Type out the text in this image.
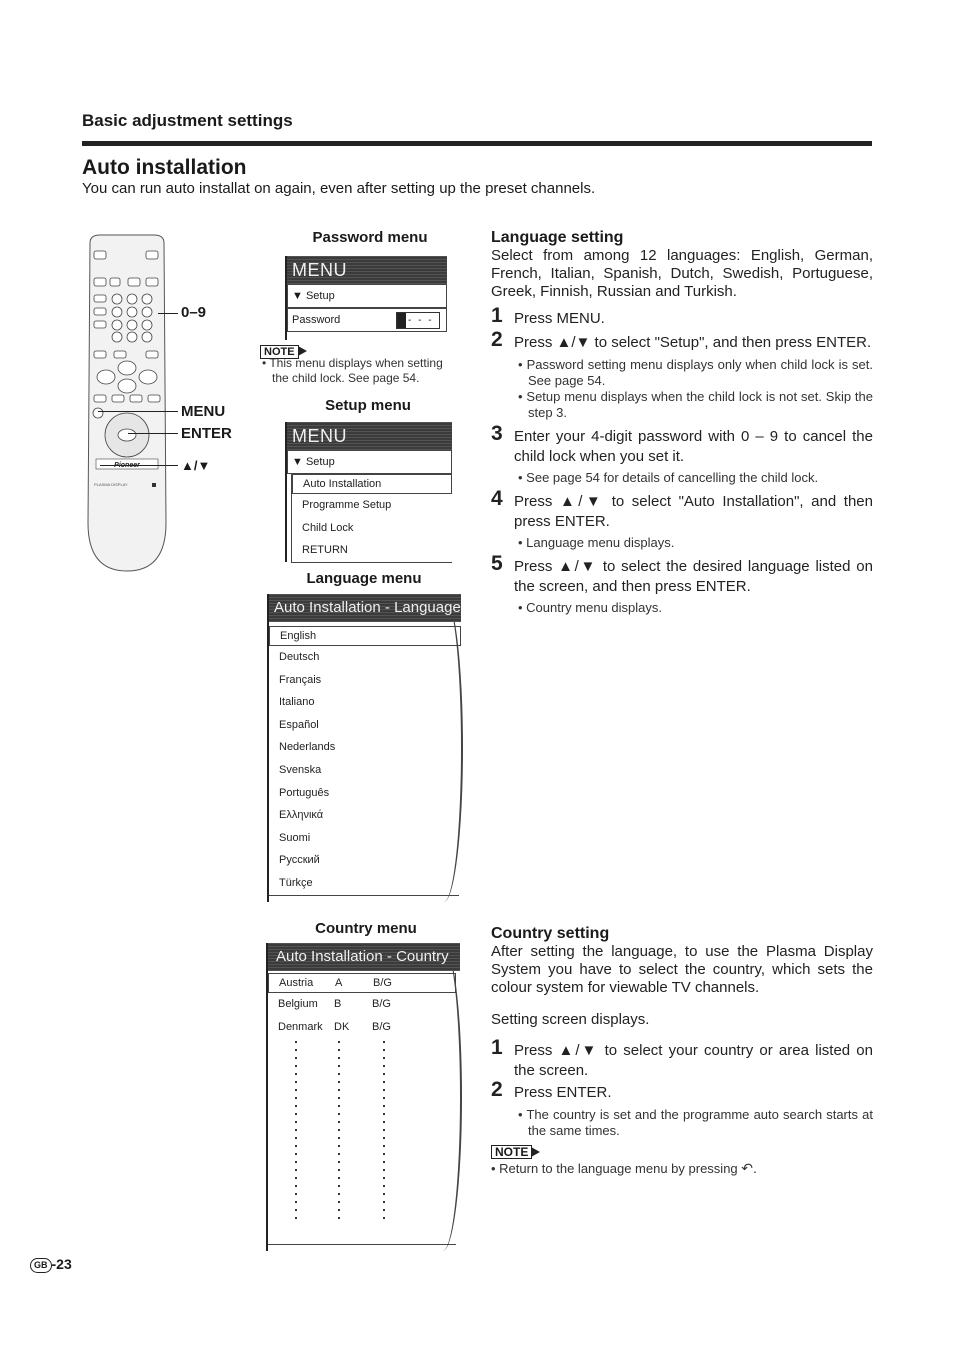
Basic adjustment settings
Auto installation
You can run auto installat on again, even after setting up the preset channels.
PLASMA DISPLAY
0–9
MENU
ENTER
▲/▼
Password menu
MENU
▼ Setup
Password	- - -
NOTE
• This menu displays when setting
the child lock. See page 54.
Setup menu
MENU
▼ Setup
Auto Installation
Programme Setup
Child Lock
RETURN
Language menu
Auto Installation - Language
English
Deutsch
Français
Italiano
Español
Nederlands
Svenska
Português
Ελληνικά
Suomi
Русский
Türkçe
Country menu
Auto Installation - Country
Austria A	B/G
Belgium B	B/G
Denmark DK B/G
Language setting
Select from among 12 languages: English, German, French, Italian, Spanish, Dutch, Swedish, Portuguese, Greek, Finnish, Russian and Turkish.
1 Press MENU.
2 Press ▲/▼ to select "Setup", and then press ENTER.
• Password setting menu displays only when child lock is set. See page 54.
• Setup menu displays when the child lock is not set. Skip the step 3.
3 Enter your 4-digit password with 0 – 9 to cancel the child lock when you set it.
• See page 54 for details of cancelling the child lock.
4 Press ▲/▼ to select "Auto Installation", and then press ENTER.
• Language menu displays.
5 Press ▲/▼ to select the desired language listed on the screen, and then press ENTER.
• Country menu displays.
Country setting
After setting the language, to use the Plasma Display System you have to select the country, which sets the colour system for viewable TV channels.
Setting screen displays.
1 Press ▲/▼ to select your country or area listed on the screen.
2 Press ENTER.
• The country is set and the programme auto search starts at the same times.
NOTE
• Return to the language menu by pressing ↶.
GB -23
